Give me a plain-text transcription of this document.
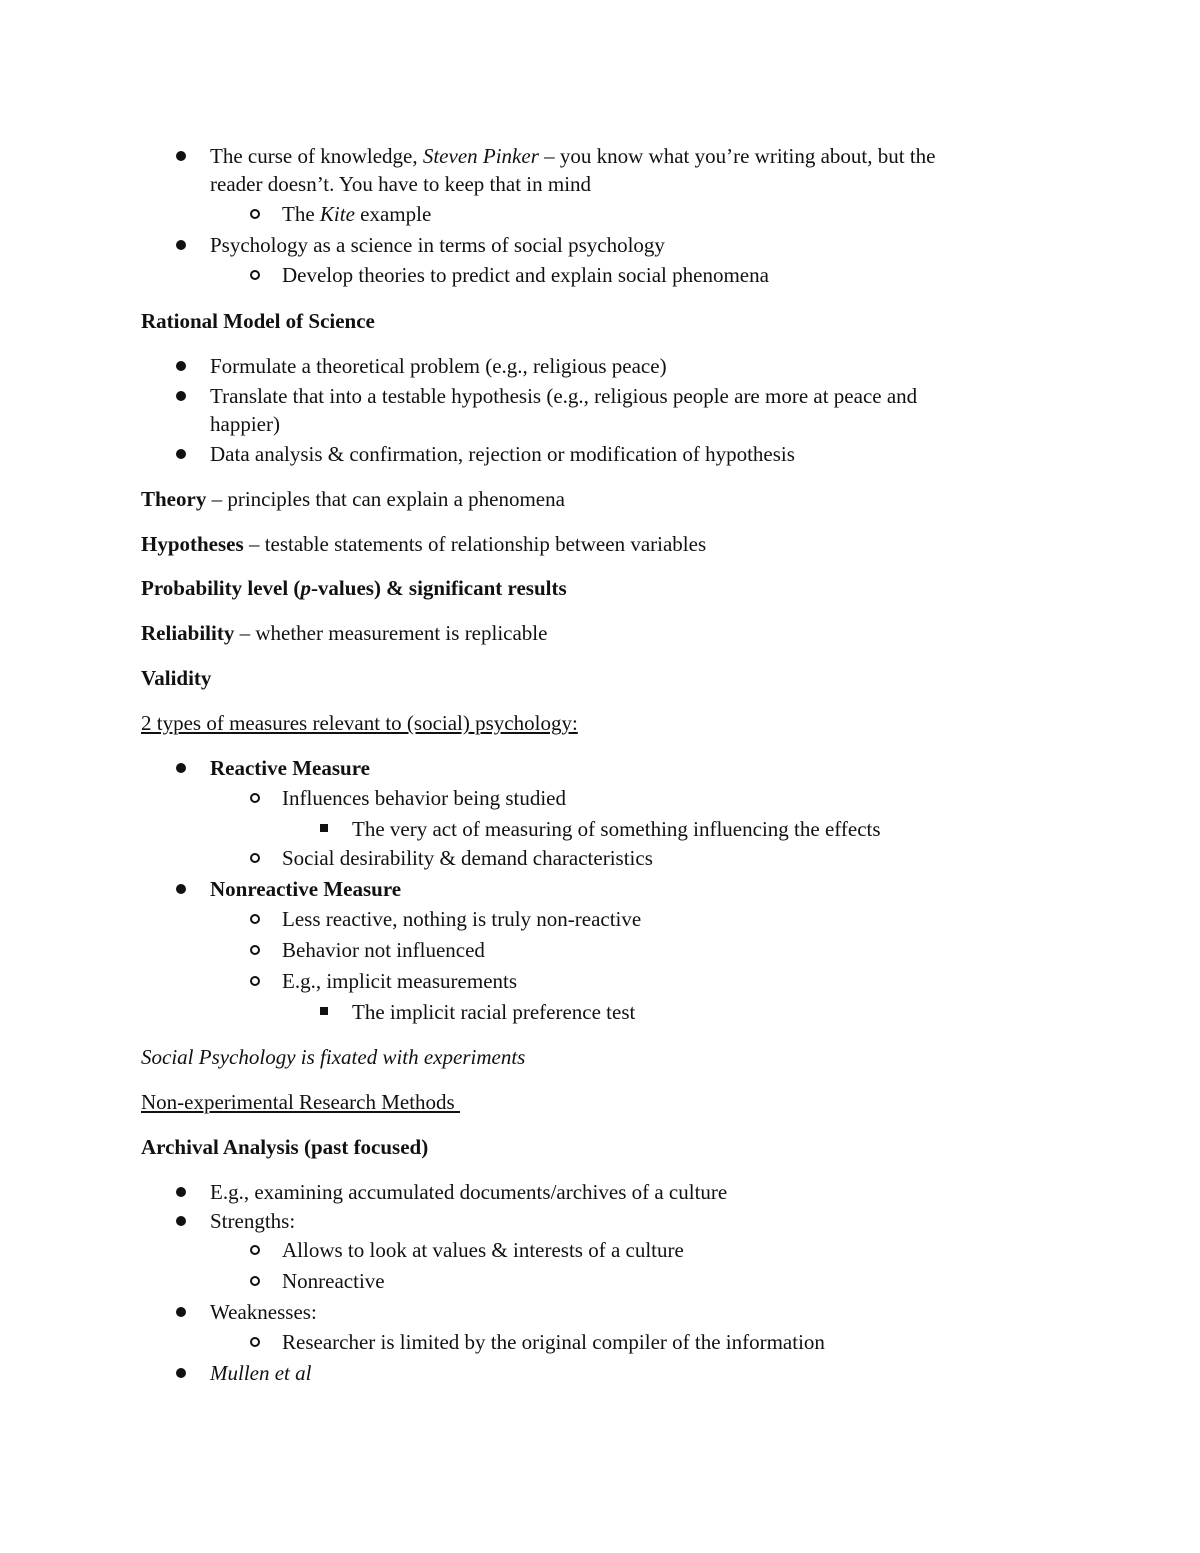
The curse of knowledge, Steven Pinker – you know what you’re writing about, but the
reader doesn’t. You have to keep that in mind
The Kite example
Psychology as a science in terms of social psychology
Develop theories to predict and explain social phenomena
Rational Model of Science
Formulate a theoretical problem (e.g., religious peace)
Translate that into a testable hypothesis (e.g., religious people are more at peace and
happier)
Data analysis & confirmation, rejection or modification of hypothesis
Theory – principles that can explain a phenomena
Hypotheses – testable statements of relationship between variables
Probability level (p-values) & significant results
Reliability – whether measurement is replicable
Validity
2 types of measures relevant to (social) psychology:
Reactive Measure
Influences behavior being studied
The very act of measuring of something influencing the effects
Social desirability & demand characteristics
Nonreactive Measure
Less reactive, nothing is truly non-reactive
Behavior not influenced
E.g., implicit measurements
The implicit racial preference test
Social Psychology is fixated with experiments
Non-experimental Research Methods
Archival Analysis (past focused)
E.g., examining accumulated documents/archives of a culture
Strengths:
Allows to look at values & interests of a culture
Nonreactive
Weaknesses:
Researcher is limited by the original compiler of the information
Mullen et al
